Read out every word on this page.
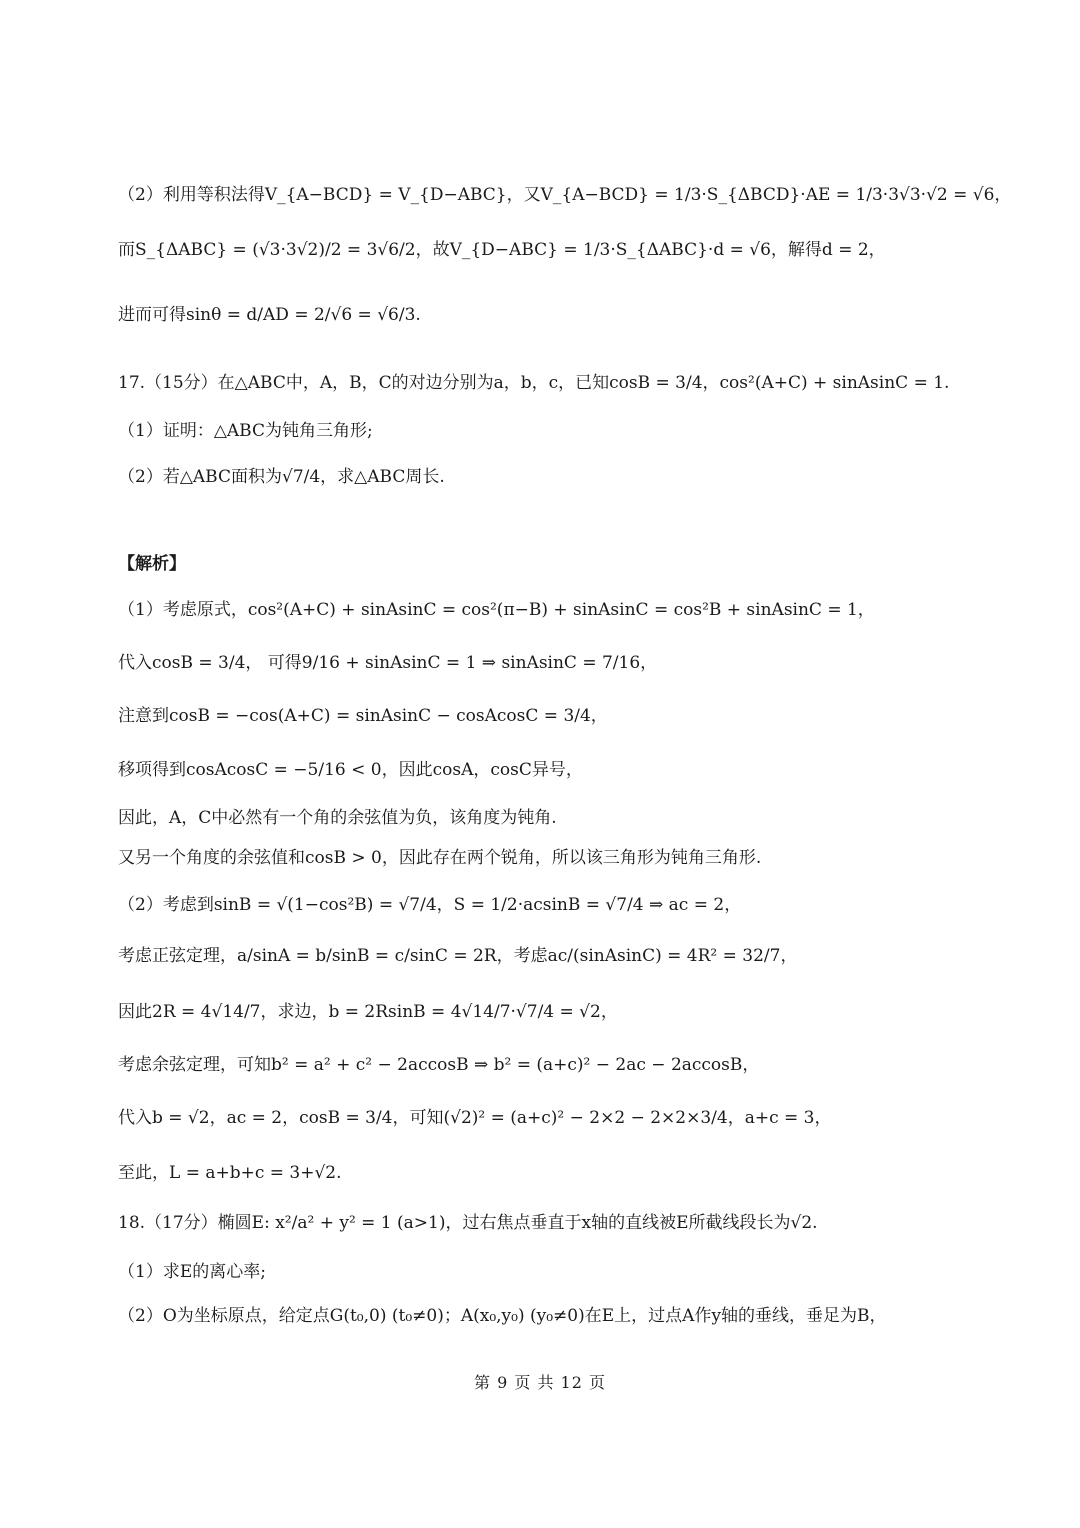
（2）利用等积法得V_{A−BCD} = V_{D−ABC}，又V_{A−BCD} = 1/3·S_{ΔBCD}·AE = 1/3·3√3·√2 = √6，
而S_{ΔABC} = (√3·3√2)/2 = 3√6/2，故V_{D−ABC} = 1/3·S_{ΔABC}·d = √6，解得d = 2，
进而可得sinθ = d/AD = 2/√6 = √6/3.
17.（15分）在△ABC中，A，B，C的对边分别为a，b，c，已知cosB = 3/4，cos²(A+C) + sinAsinC = 1.
（1）证明：△ABC为钝角三角形;
（2）若△ABC面积为√7/4，求△ABC周长.
【解析】
（1）考虑原式，cos²(A+C) + sinAsinC = cos²(π−B) + sinAsinC = cos²B + sinAsinC = 1，
代入cosB = 3/4， 可得9/16 + sinAsinC = 1 ⇒ sinAsinC = 7/16，
注意到cosB = −cos(A+C) = sinAsinC − cosAcosC = 3/4，
移项得到cosAcosC = −5/16 < 0，因此cosA，cosC异号，
因此，A，C中必然有一个角的余弦值为负，该角度为钝角.
又另一个角度的余弦值和cosB > 0，因此存在两个锐角，所以该三角形为钝角三角形.
（2）考虑到sinB = √(1−cos²B) = √7/4，S = 1/2·acsinB = √7/4 ⇒ ac = 2，
考虑正弦定理，a/sinA = b/sinB = c/sinC = 2R，考虑ac/(sinAsinC) = 4R² = 32/7，
因此2R = 4√14/7，求边，b = 2RsinB = 4√14/7·√7/4 = √2，
考虑余弦定理，可知b² = a² + c² − 2accosB ⇒ b² = (a+c)² − 2ac − 2accosB，
代入b = √2，ac = 2，cosB = 3/4，可知(√2)² = (a+c)² − 2×2 − 2×2×3/4，a+c = 3，
至此，L = a+b+c = 3+√2.
18.（17分）椭圆E: x²/a² + y² = 1 (a>1)，过右焦点垂直于x轴的直线被E所截线段长为√2.
（1）求E的离心率;
（2）O为坐标原点，给定点G(t₀,0) (t₀≠0)；A(x₀,y₀) (y₀≠0)在E上，过点A作y轴的垂线，垂足为B，
第 9 页 共 12 页
